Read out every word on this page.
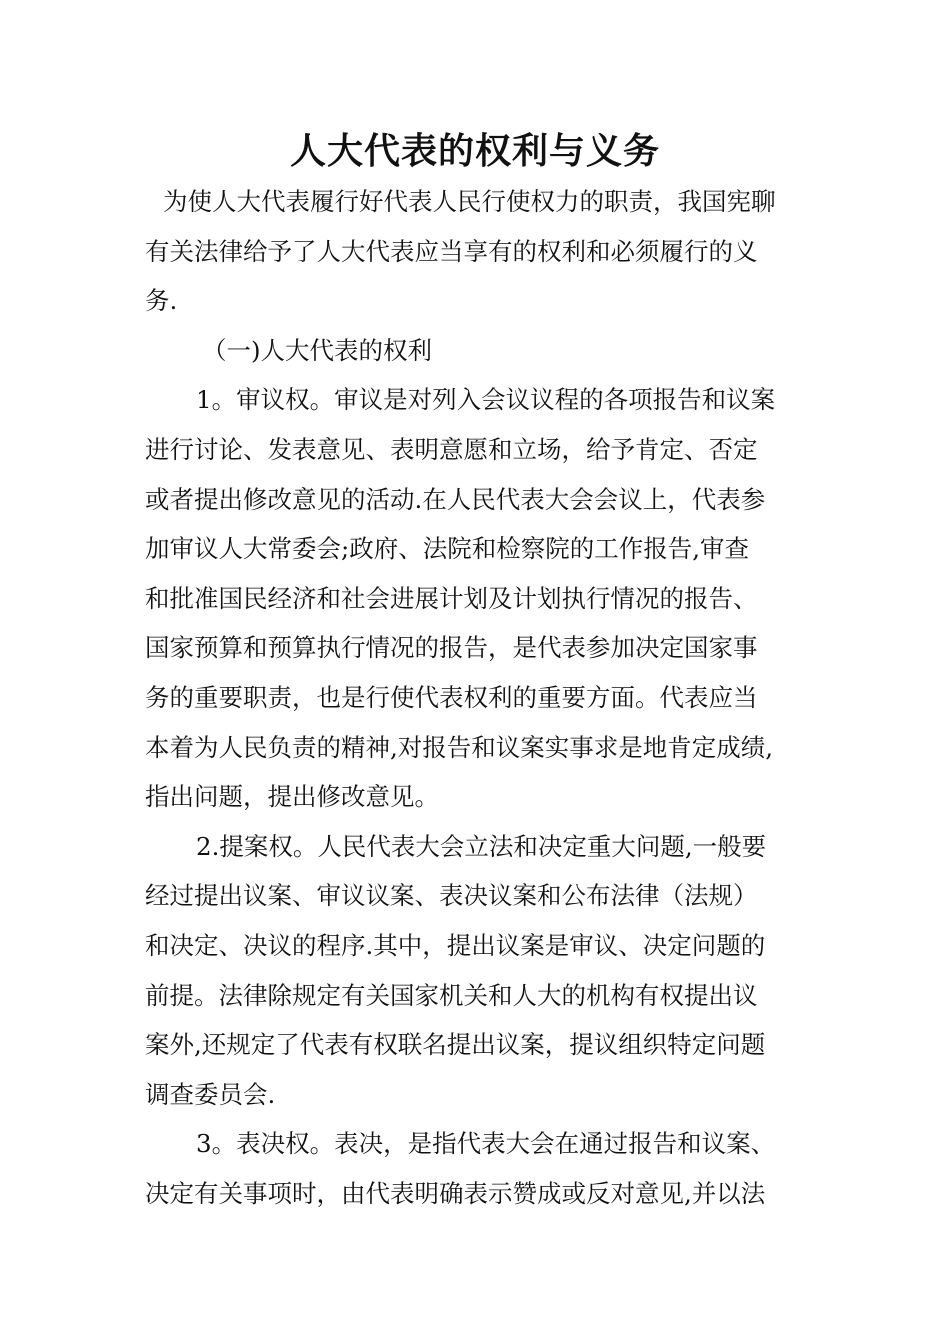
人大代表的权利与义务
为使人大代表履行好代表人民行使权力的职责，我国宪聊
有关法律给予了人大代表应当享有的权利和必须履行的义
务.
（一)人大代表的权利
1。审议权。审议是对列入会议议程的各项报告和议案
进行讨论、发表意见、表明意愿和立场，给予肯定、否定
或者提出修改意见的活动.在人民代表大会会议上，代表参
加审议人大常委会;政府、法院和检察院的工作报告,审查
和批准国民经济和社会进展计划及计划执行情况的报告、
国家预算和预算执行情况的报告，是代表参加决定国家事
务的重要职责，也是行使代表权利的重要方面。代表应当
本着为人民负责的精神,对报告和议案实事求是地肯定成绩,
指出问题，提出修改意见。
2.提案权。人民代表大会立法和决定重大问题,一般要
经过提出议案、审议议案、表决议案和公布法律（法规）
和决定、决议的程序.其中，提出议案是审议、决定问题的
前提。法律除规定有关国家机关和人大的机构有权提出议
案外,还规定了代表有权联名提出议案，提议组织特定问题
调查委员会.
3。表决权。表决，是指代表大会在通过报告和议案、
决定有关事项时，由代表明确表示赞成或反对意见,并以法
